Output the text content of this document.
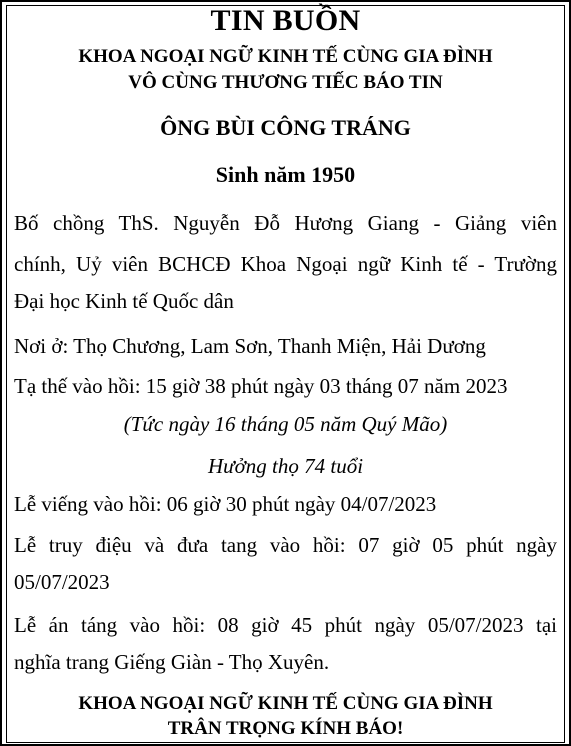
TIN BUỒN
KHOA NGOẠI NGỮ KINH TẾ CÙNG GIA ĐÌNH
VÔ CÙNG THƯƠNG TIẾC BÁO TIN
ÔNG BÙI CÔNG TRÁNG
Sinh năm 1950
Bố chồng ThS. Nguyễn Đỗ Hương Giang - Giảng viên
chính, Uỷ viên BCHCĐ Khoa Ngoại ngữ Kinh tế - Trường
Đại học Kinh tế Quốc dân
Nơi ở: Thọ Chương, Lam Sơn, Thanh Miện, Hải Dương
Tạ thế vào hồi: 15 giờ 38 phút ngày 03 tháng 07 năm 2023
(Tức ngày 16 tháng 05 năm Quý Mão)
Hưởng thọ 74 tuổi
Lễ viếng vào hồi: 06 giờ 30 phút ngày 04/07/2023
Lễ truy điệu và đưa tang vào hồi: 07 giờ 05 phút ngày
05/07/2023
Lễ án táng vào hồi: 08 giờ 45 phút ngày 05/07/2023 tại
nghĩa trang Giếng Giàn - Thọ Xuyên.
KHOA NGOẠI NGỮ KINH TẾ CÙNG GIA ĐÌNH
TRÂN TRỌNG KÍNH BÁO!
